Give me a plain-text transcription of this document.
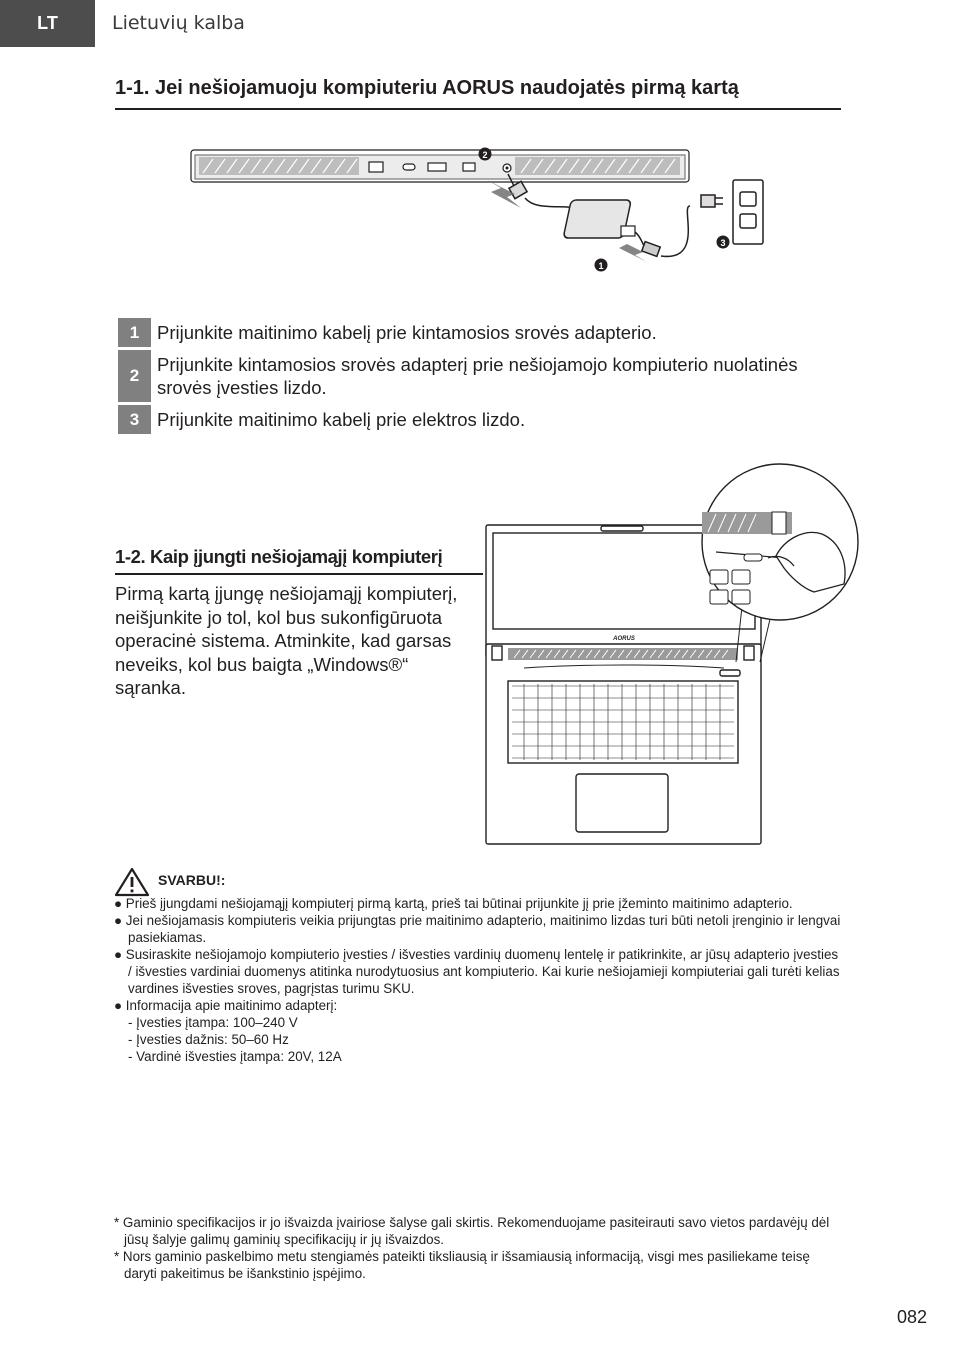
LT	Lietuvių kalba
1-1. Jei nešiojamuoju kompiuteriu AORUS naudojatės pirmą kartą
2
1
3
1 Prijunkite maitinimo kabelį prie kintamosios srovės adapterio.
2
Prijunkite kintamosios srovės adapterį prie nešiojamojo kompiuterio nuolatinės srovės įvesties lizdo.
3 Prijunkite maitinimo kabelį prie elektros lizdo.
1-2. Kaip įjungti nešiojamąjį kompiuterį
Pirmą kartą įjungę nešiojamąjį kompiuterį, neišjunkite jo tol, kol bus sukonfigūruota operacinė sistema. Atminkite, kad garsas neveiks, kol bus baigta „Windows®“ sąranka.
AORUS
SVARBU!:
● Prieš įjungdami nešiojamąjį kompiuterį pirmą kartą, prieš tai būtinai prijunkite jį prie įžeminto maitinimo adapterio.
● Jei nešiojamasis kompiuteris veikia prijungtas prie maitinimo adapterio, maitinimo lizdas turi būti netoli įrenginio ir lengvai pasiekiamas.
● Susiraskite nešiojamojo kompiuterio įvesties / išvesties vardinių duomenų lentelę ir patikrinkite, ar jūsų adapterio įvesties / išvesties vardiniai duomenys atitinka nurodytuosius ant kompiuterio. Kai kurie nešiojamieji kompiuteriai gali turėti kelias vardines išvesties sroves, pagrįstas turimu SKU.
● Informacija apie maitinimo adapterį:
- Įvesties įtampa: 100–240 V
- Įvesties dažnis: 50–60 Hz
- Vardinė išvesties įtampa: 20V, 12A
* Gaminio specifikacijos ir jo išvaizda įvairiose šalyse gali skirtis. Rekomenduojame pasiteirauti savo vietos pardavėjų dėl jūsų šalyje galimų gaminių specifikacijų ir jų išvaizdos.
* Nors gaminio paskelbimo metu stengiamės pateikti tiksliausią ir išsamiausią informaciją, visgi mes pasiliekame teisę daryti pakeitimus be išankstinio įspėjimo.
082
